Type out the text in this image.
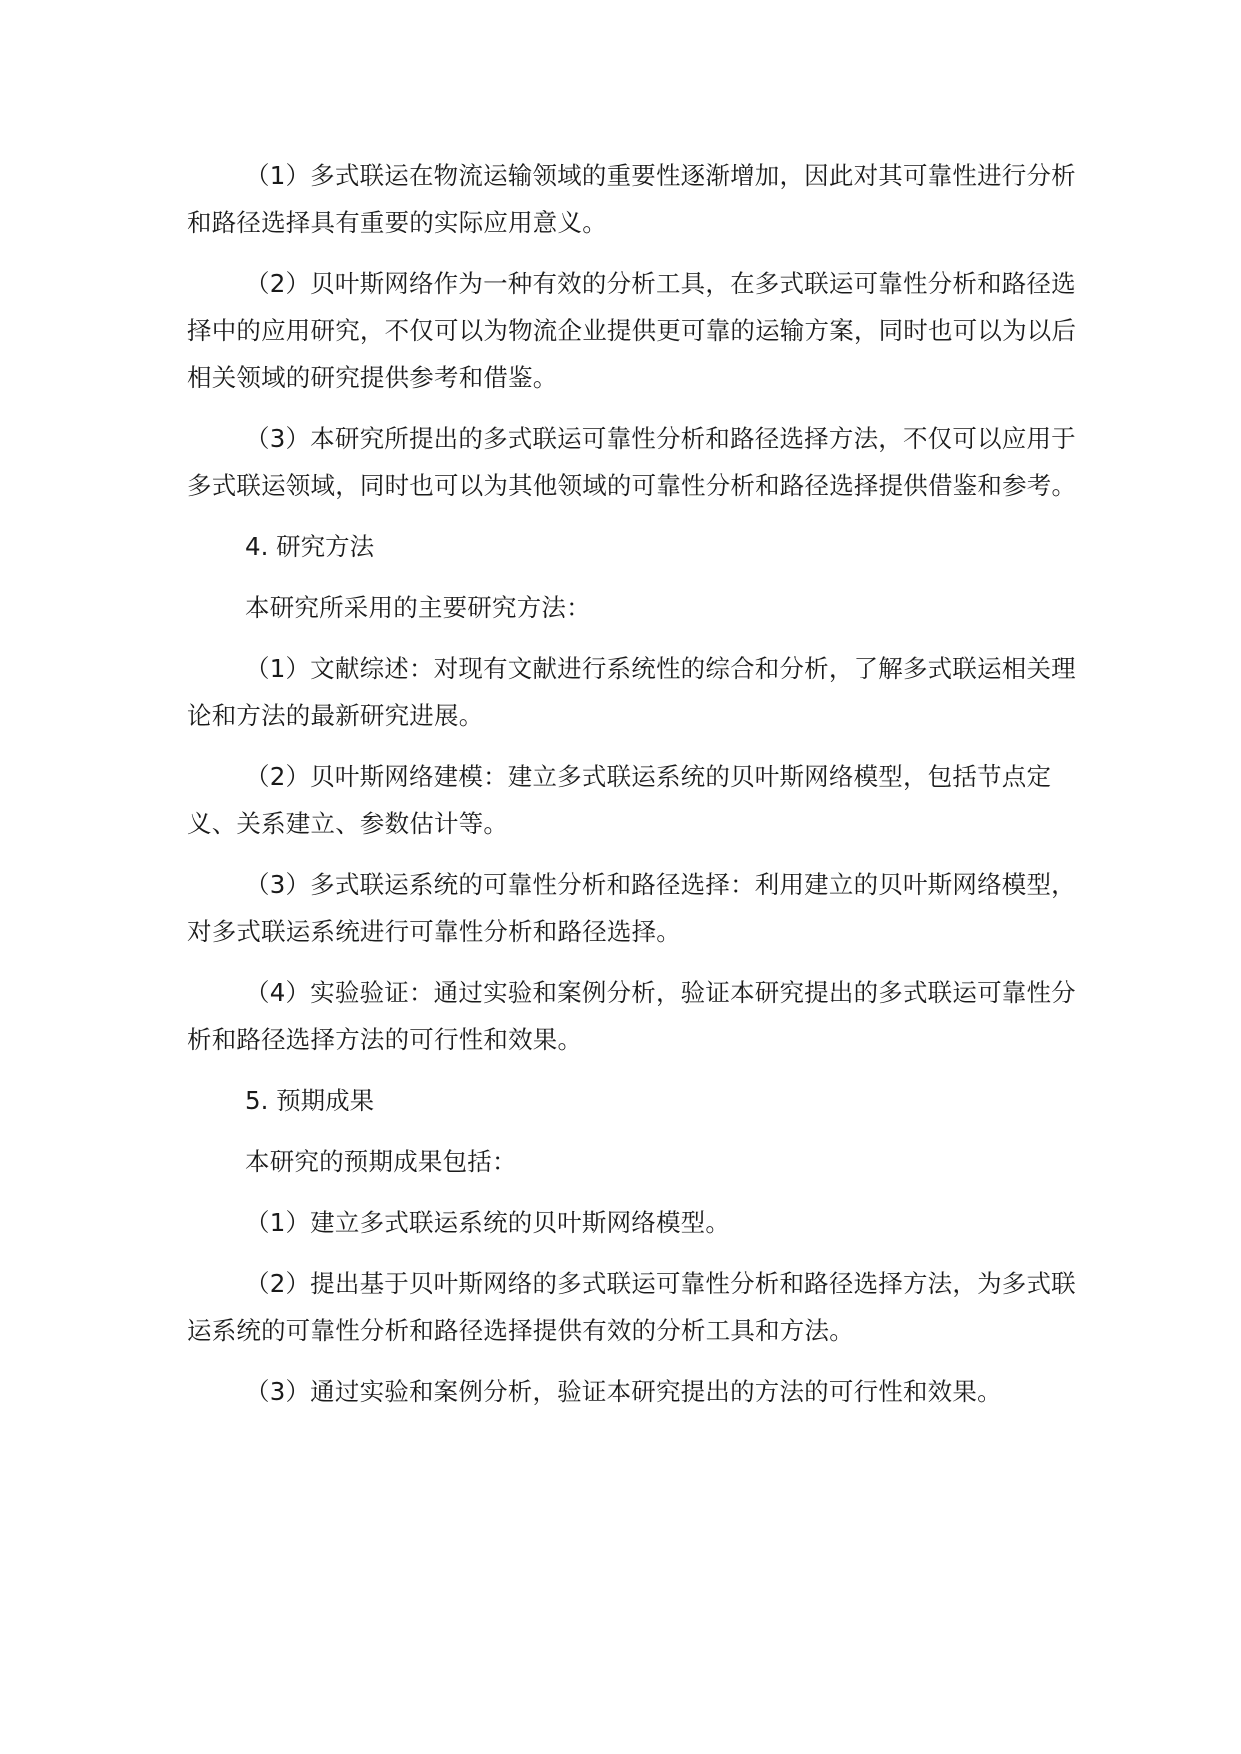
（1）多式联运在物流运输领域的重要性逐渐增加，因此对其可靠性进行分析和路径选择具有重要的实际应用意义。

（2）贝叶斯网络作为一种有效的分析工具，在多式联运可靠性分析和路径选择中的应用研究，不仅可以为物流企业提供更可靠的运输方案，同时也可以为以后相关领域的研究提供参考和借鉴。

（3）本研究所提出的多式联运可靠性分析和路径选择方法，不仅可以应用于多式联运领域，同时也可以为其他领域的可靠性分析和路径选择提供借鉴和参考。

4. 研究方法

本研究所采用的主要研究方法：

（1）文献综述：对现有文献进行系统性的综合和分析，了解多式联运相关理论和方法的最新研究进展。

（2）贝叶斯网络建模：建立多式联运系统的贝叶斯网络模型，包括节点定义、关系建立、参数估计等。

（3）多式联运系统的可靠性分析和路径选择：利用建立的贝叶斯网络模型，对多式联运系统进行可靠性分析和路径选择。

（4）实验验证：通过实验和案例分析，验证本研究提出的多式联运可靠性分析和路径选择方法的可行性和效果。

5. 预期成果

本研究的预期成果包括：

（1）建立多式联运系统的贝叶斯网络模型。

（2）提出基于贝叶斯网络的多式联运可靠性分析和路径选择方法，为多式联运系统的可靠性分析和路径选择提供有效的分析工具和方法。

（3）通过实验和案例分析，验证本研究提出的方法的可行性和效果。
